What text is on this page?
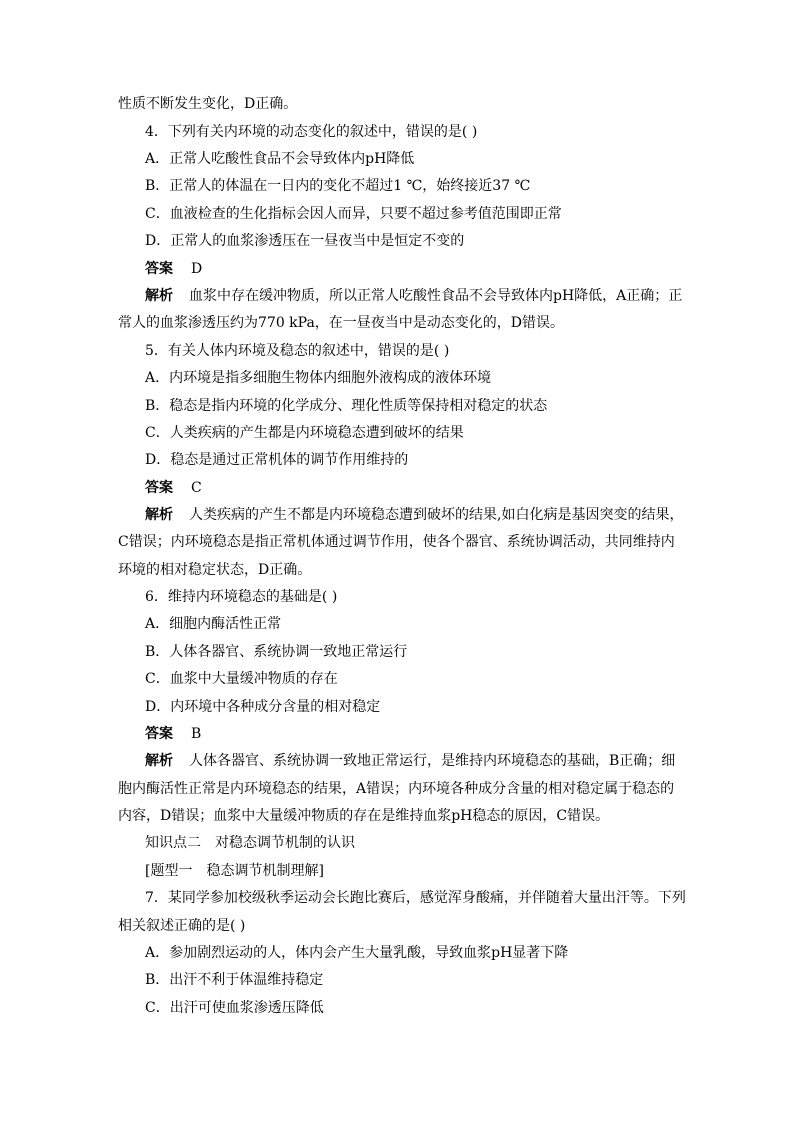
性质不断发生变化，D正确。
4．下列有关内环境的动态变化的叙述中，错误的是( )
A．正常人吃酸性食品不会导致体内pH降低
B．正常人的体温在一日内的变化不超过1 ℃，始终接近37 ℃
C．血液检查的生化指标会因人而异，只要不超过参考值范围即正常
D．正常人的血浆渗透压在一昼夜当中是恒定不变的
答案 D
解析 血浆中存在缓冲物质，所以正常人吃酸性食品不会导致体内pH降低，A正确；正
常人的血浆渗透压约为770 kPa，在一昼夜当中是动态变化的，D错误。
5．有关人体内环境及稳态的叙述中，错误的是( )
A．内环境是指多细胞生物体内细胞外液构成的液体环境
B．稳态是指内环境的化学成分、理化性质等保持相对稳定的状态
C．人类疾病的产生都是内环境稳态遭到破坏的结果
D．稳态是通过正常机体的调节作用维持的
答案 C
解析 人类疾病的产生不都是内环境稳态遭到破坏的结果,如白化病是基因突变的结果，
C错误；内环境稳态是指正常机体通过调节作用，使各个器官、系统协调活动，共同维持内
环境的相对稳定状态，D正确。
6．维持内环境稳态的基础是( )
A．细胞内酶活性正常
B．人体各器官、系统协调一致地正常运行
C．血浆中大量缓冲物质的存在
D．内环境中各种成分含量的相对稳定
答案 B
解析 人体各器官、系统协调一致地正常运行，是维持内环境稳态的基础，B正确；细
胞内酶活性正常是内环境稳态的结果，A错误；内环境各种成分含量的相对稳定属于稳态的
内容，D错误；血浆中大量缓冲物质的存在是维持血浆pH稳态的原因，C错误。
知识点二　对稳态调节机制的认识
[题型一　稳态调节机制理解]
7．某同学参加校级秋季运动会长跑比赛后，感觉浑身酸痛，并伴随着大量出汗等。下列
相关叙述正确的是( )
A．参加剧烈运动的人，体内会产生大量乳酸，导致血浆pH显著下降
B．出汗不利于体温维持稳定
C．出汗可使血浆渗透压降低
